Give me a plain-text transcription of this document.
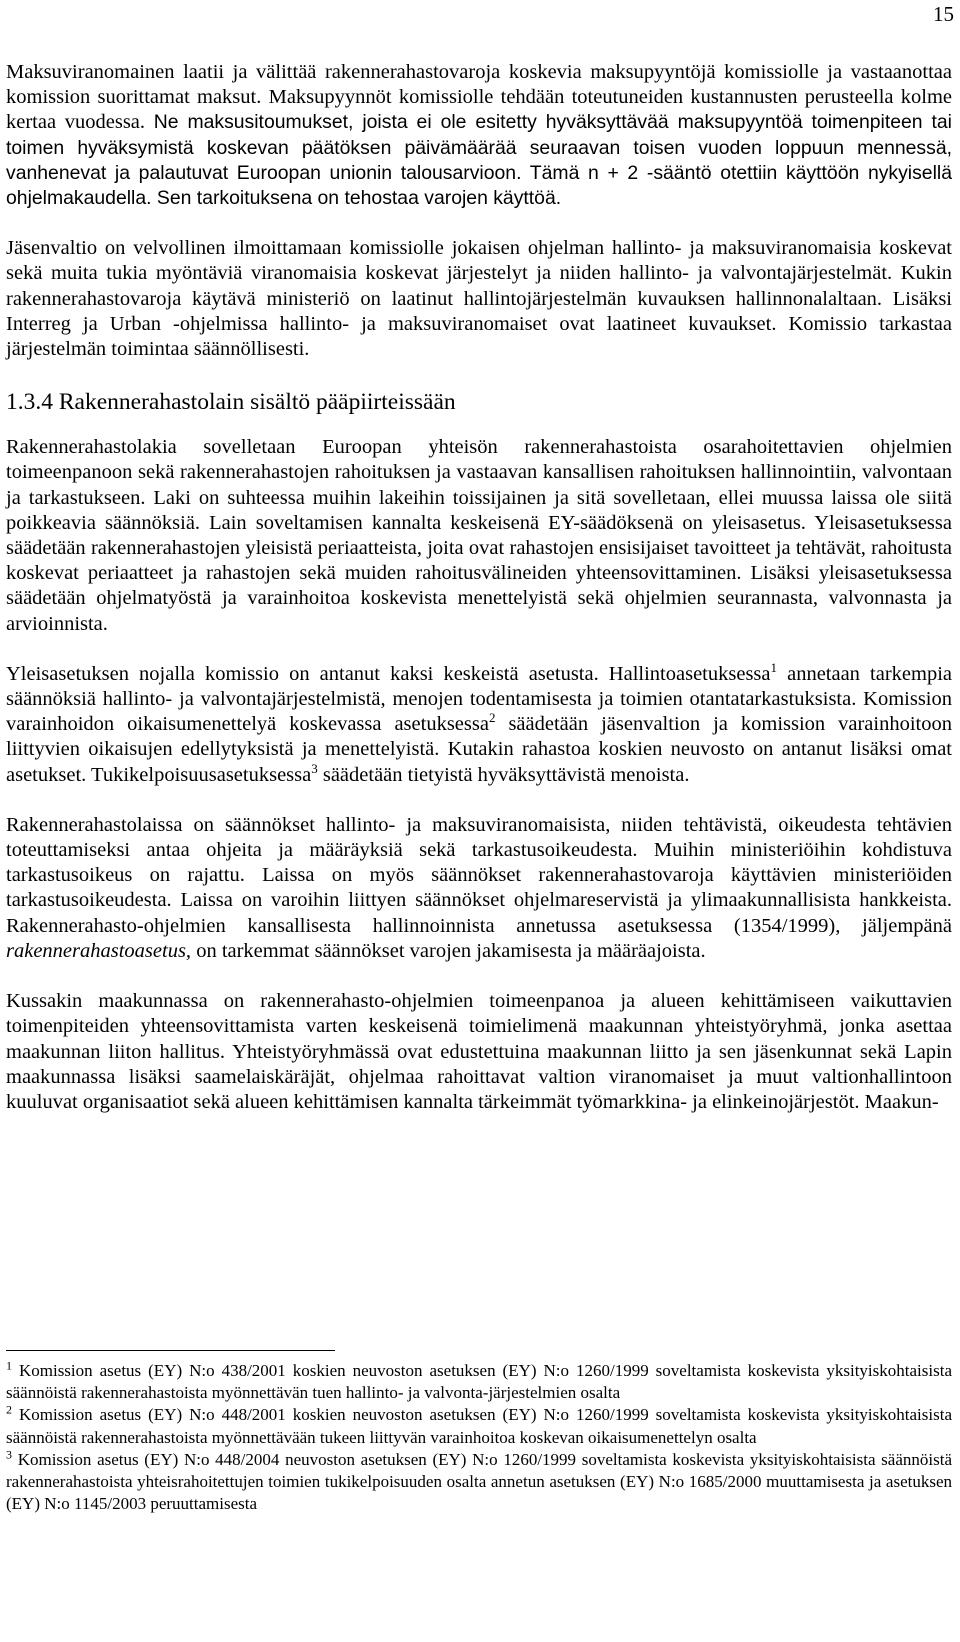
15

Maksuviranomainen laatii ja välittää rakennerahastovaroja koskevia maksupyyntöjä komissiolle ja vastaanottaa komission suorittamat maksut. Maksupyynnöt komissiolle tehdään toteutuneiden kustannusten perusteella kolme kertaa vuodessa. Ne maksusitoumukset, joista ei ole esitetty hyväksyttävää maksupyyntöä toimenpiteen tai toimen hyväksymistä koskevan päätöksen päivämäärää seuraavan toisen vuoden loppuun mennessä, vanhenevat ja palautuvat Euroopan unionin talousarvioon. Tämä n + 2 -sääntö otettiin käyttöön nykyisellä ohjelmakaudella. Sen tarkoituksena on tehostaa varojen käyttöä.

Jäsenvaltio on velvollinen ilmoittamaan komissiolle jokaisen ohjelman hallinto- ja maksuviranomaisia koskevat sekä muita tukia myöntäviä viranomaisia koskevat järjestelyt ja niiden hallinto- ja valvontajärjestelmät. Kukin rakennerahastovaroja käytävä ministeriö on laatinut hallintojärjestelmän kuvauksen hallinnonalaltaan. Lisäksi Interreg ja Urban -ohjelmissa hallinto- ja maksuviranomaiset ovat laatineet kuvaukset. Komissio tarkastaa järjestelmän toimintaa säännöllisesti.

1.3.4 Rakennerahastolain sisältö pääpiirteissään

Rakennerahastolakia sovelletaan Euroopan yhteisön rakennerahastoista osarahoitettavien ohjelmien toimeenpanoon sekä rakennerahastojen rahoituksen ja vastaavan kansallisen rahoituksen hallinnointiin, valvontaan ja tarkastukseen. Laki on suhteessa muihin lakeihin toissijainen ja sitä sovelletaan, ellei muussa laissa ole siitä poikkeavia säännöksiä. Lain soveltamisen kannalta keskeisenä EY-säädöksenä on yleisasetus. Yleisasetuksessa säädetään rakennerahastojen yleisistä periaatteista, joita ovat rahastojen ensisijaiset tavoitteet ja tehtävät, rahoitusta koskevat periaatteet ja rahastojen sekä muiden rahoitusvälineiden yhteensovittaminen. Lisäksi yleisasetuksessa säädetään ohjelmatyöstä ja varainhoitoa koskevista menettelyistä sekä ohjelmien seurannasta, valvonnasta ja arvioinnista.

Yleisasetuksen nojalla komissio on antanut kaksi keskeistä asetusta. Hallintoasetuksessa$^1$ annetaan tarkempia säännöksiä hallinto- ja valvontajärjestelmistä, menojen todentamisesta ja toimien otantatarkastuksista. Komission varainhoidon oikaisumenettelyä koskevassa asetuksessa$^2$ säädetään jäsenvaltion ja komission varainhoitoon liittyvien oikaisujen edellytyksistä ja menettelyistä. Kutakin rahastoa koskien neuvosto on antanut lisäksi omat asetukset. Tukikelpoisuusasetuksessa$^3$ säädetään tietyistä hyväksyttävistä menoista.

Rakennerahastolaissa on säännökset hallinto- ja maksuviranomaisista, niiden tehtävistä, oikeudesta tehtävien toteuttamiseksi antaa ohjeita ja määräyksiä sekä tarkastusoikeudesta. Muihin ministeriöihin kohdistuva tarkastusoikeus on rajattu. Laissa on myös säännökset rakennerahastovaroja käyttävien ministeriöiden tarkastusoikeudesta. Laissa on varoihin liittyen säännökset ohjelmareservistä ja ylimaakunnallisista hankkeista. Rakennerahasto-ohjelmien kansallisesta hallinnoinnista annetussa asetuksessa (1354/1999), jäljempänä rakennerahastoasetus, on tarkemmat säännökset varojen jakamisesta ja määräajoista.

Kussakin maakunnassa on rakennerahasto-ohjelmien toimeenpanoa ja alueen kehittämiseen vaikuttavien toimenpiteiden yhteensovittamista varten keskeisenä toimielimenä maakunnan yhteistyöryhmä, jonka asettaa maakunnan liiton hallitus. Yhteistyöryhmässä ovat edustettuina maakunnan liitto ja sen jäsenkunnat sekä Lapin maakunnassa lisäksi saamelaiskäräjät, ohjelmaa rahoittavat valtion viranomaiset ja muut valtionhallintoon kuuluvat organisaatiot sekä alueen kehittämisen kannalta tärkeimmät työmarkkina- ja elinkeinojärjestöt. Maakun-

$^1$ Komission asetus (EY) N:o 438/2001 koskien neuvoston asetuksen (EY) N:o 1260/1999 soveltamista koskevista yksityiskohtaisista säännöistä rakennerahastoista myönnettävän tuen hallinto- ja valvonta-järjestelmien osalta

$^2$ Komission asetus (EY) N:o 448/2001 koskien neuvoston asetuksen (EY) N:o 1260/1999 soveltamista koskevista yksityiskohtaisista säännöistä rakennerahastoista myönnettävään tukeen liittyvän varainhoitoa koskevan oikaisumenettelyn osalta

$^3$ Komission asetus (EY) N:o 448/2004 neuvoston asetuksen (EY) N:o 1260/1999 soveltamista koskevista yksityiskohtaisista säännöistä rakennerahastoista yhteisrahoitettujen toimien tukikelpoisuuden osalta annetun asetuksen (EY) N:o 1685/2000 muuttamisesta ja asetuksen (EY) N:o 1145/2003 peruuttamisesta
